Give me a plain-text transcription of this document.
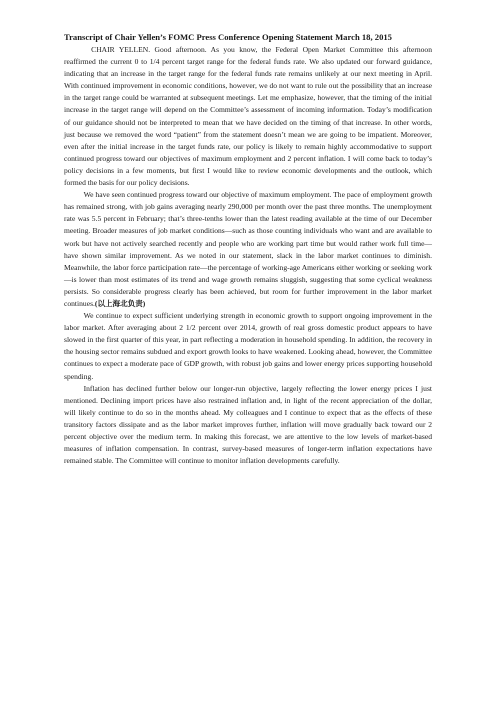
Transcript of Chair Yellen’s FOMC Press Conference Opening Statement March 18, 2015

CHAIR YELLEN. Good afternoon. As you know, the Federal Open Market Committee this afternoon reaffirmed the current 0 to 1/4 percent target range for the federal funds rate. We also updated our forward guidance, indicating that an increase in the target range for the federal funds rate remains unlikely at our next meeting in April. With continued improvement in economic conditions, however, we do not want to rule out the possibility that an increase in the target range could be warranted at subsequent meetings. Let me emphasize, however, that the timing of the initial increase in the target range will depend on the Committee’s assessment of incoming information. Today’s modification of our guidance should not be interpreted to mean that we have decided on the timing of that increase. In other words, just because we removed the word “patient” from the statement doesn’t mean we are going to be impatient. Moreover, even after the initial increase in the target funds rate, our policy is likely to remain highly accommodative to support continued progress toward our objectives of maximum employment and 2 percent inflation. I will come back to today’s policy decisions in a few moments, but first I would like to review economic developments and the outlook, which formed the basis for our policy decisions.

We have seen continued progress toward our objective of maximum employment. The pace of employment growth has remained strong, with job gains averaging nearly 290,000 per month over the past three months. The unemployment rate was 5.5 percent in February; that’s three-tenths lower than the latest reading available at the time of our December meeting. Broader measures of job market conditions—such as those counting individuals who want and are available to work but have not actively searched recently and people who are working part time but would rather work full time—have shown similar improvement. As we noted in our statement, slack in the labor market continues to diminish. Meanwhile, the labor force participation rate—the percentage of working-age Americans either working or seeking work—is lower than most estimates of its trend and wage growth remains sluggish, suggesting that some cyclical weakness persists. So considerable progress clearly has been achieved, but room for further improvement in the labor market continues.(以上海北负责)

We continue to expect sufficient underlying strength in economic growth to support ongoing improvement in the labor market. After averaging about 2 1/2 percent over 2014, growth of real gross domestic product appears to have slowed in the first quarter of this year, in part reflecting a moderation in household spending. In addition, the recovery in the housing sector remains subdued and export growth looks to have weakened. Looking ahead, however, the Committee continues to expect a moderate pace of GDP growth, with robust job gains and lower energy prices supporting household spending.

Inflation has declined further below our longer-run objective, largely reflecting the lower energy prices I just mentioned. Declining import prices have also restrained inflation and, in light of the recent appreciation of the dollar, will likely continue to do so in the months ahead. My colleagues and I continue to expect that as the effects of these transitory factors dissipate and as the labor market improves further, inflation will move gradually back toward our 2 percent objective over the medium term. In making this forecast, we are attentive to the low levels of market-based measures of inflation compensation. In contrast, survey-based measures of longer-term inflation expectations have remained stable. The Committee will continue to monitor inflation developments carefully.
